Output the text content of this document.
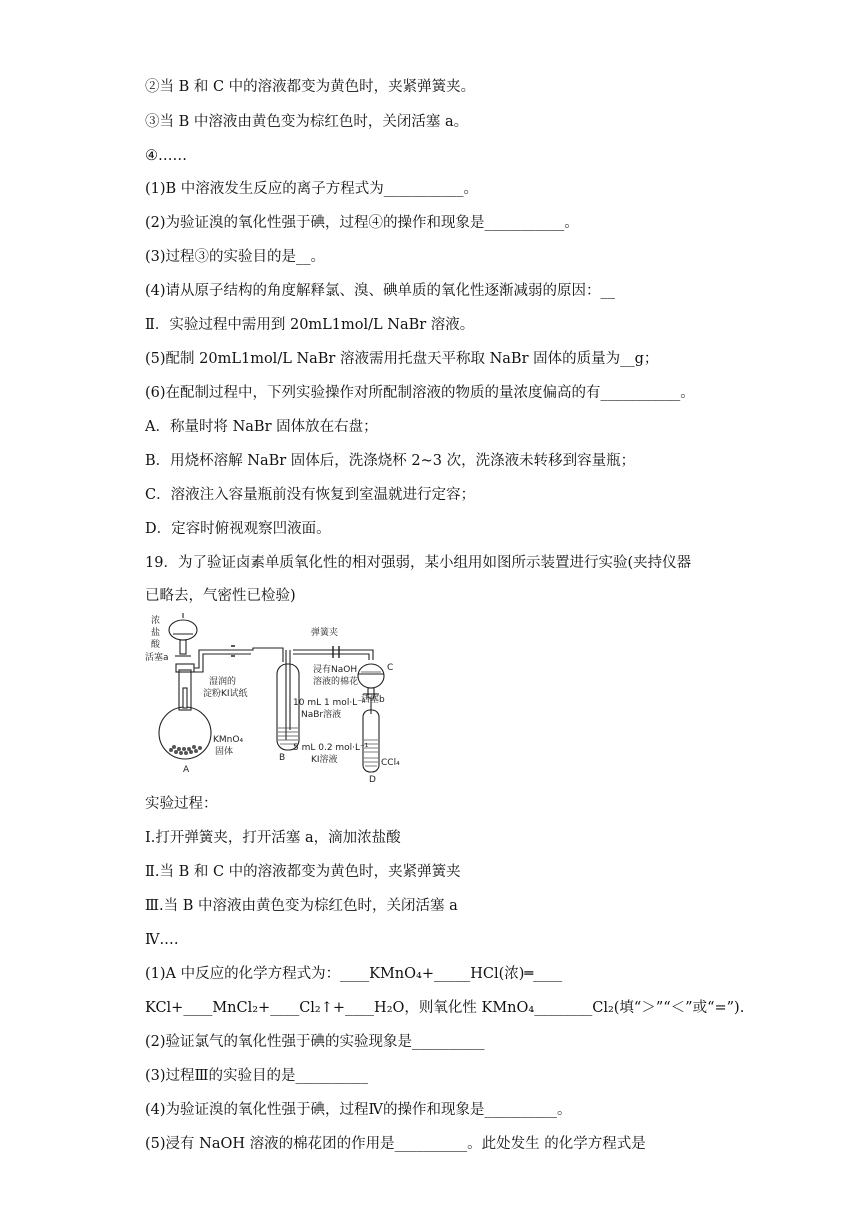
②当 B 和 C 中的溶液都变为黄色时，夹紧弹簧夹。
③当 B 中溶液由黄色变为棕红色时，关闭活塞 a。
④……
(1)B 中溶液发生反应的离子方程式为___________。
(2)为验证溴的氧化性强于碘，过程④的操作和现象是___________。
(3)过程③的实验目的是__。
(4)请从原子结构的角度解释氯、溴、碘单质的氧化性逐渐减弱的原因：__
Ⅱ．实验过程中需用到 20mL1mol/L NaBr 溶液。
(5)配制 20mL1mol/L NaBr 溶液需用托盘天平称取 NaBr 固体的质量为__g；
(6)在配制过程中，下列实验操作对所配制溶液的物质的量浓度偏高的有___________。
A．称量时将 NaBr 固体放在右盘；
B．用烧杯溶解 NaBr 固体后，洗涤烧杯 2~3 次，洗涤液未转移到容量瓶；
C．溶液注入容量瓶前没有恢复到室温就进行定容；
D．定容时俯视观察凹液面。
19．为了验证卤素单质氧化性的相对强弱，某小组用如图所示装置进行实验(夹持仪器
已略去，气密性已检验)
浓
盐
酸
活塞a
湿润的
淀粉KI试纸
KMnO₄
固体
A
弹簧夹
浸有NaOH
溶液的棉花
C
活塞b
10 mL 1 mol·L⁻¹
NaBr溶液
B
5 mL 0.2 mol·L⁻¹
KI溶液	CCl₄
D
实验过程：
Ⅰ.打开弹簧夹，打开活塞 a，滴加浓盐酸
Ⅱ.当 B 和 C 中的溶液都变为黄色时，夹紧弹簧夹
Ⅲ.当 B 中溶液由黄色变为棕红色时，关闭活塞 a
Ⅳ.…
(1)A 中反应的化学方程式为：____KMnO₄+_____HCl(浓)═____
KCl+____MnCl₂+____Cl₂↑+____H₂O，则氧化性 KMnO₄________Cl₂(填“＞”“＜”或“=”).
(2)验证氯气的氧化性强于碘的实验现象是__________
(3)过程Ⅲ的实验目的是__________
(4)为验证溴的氧化性强于碘，过程Ⅳ的操作和现象是__________。
(5)浸有 NaOH 溶液的棉花团的作用是__________。此处发生 的化学方程式是
